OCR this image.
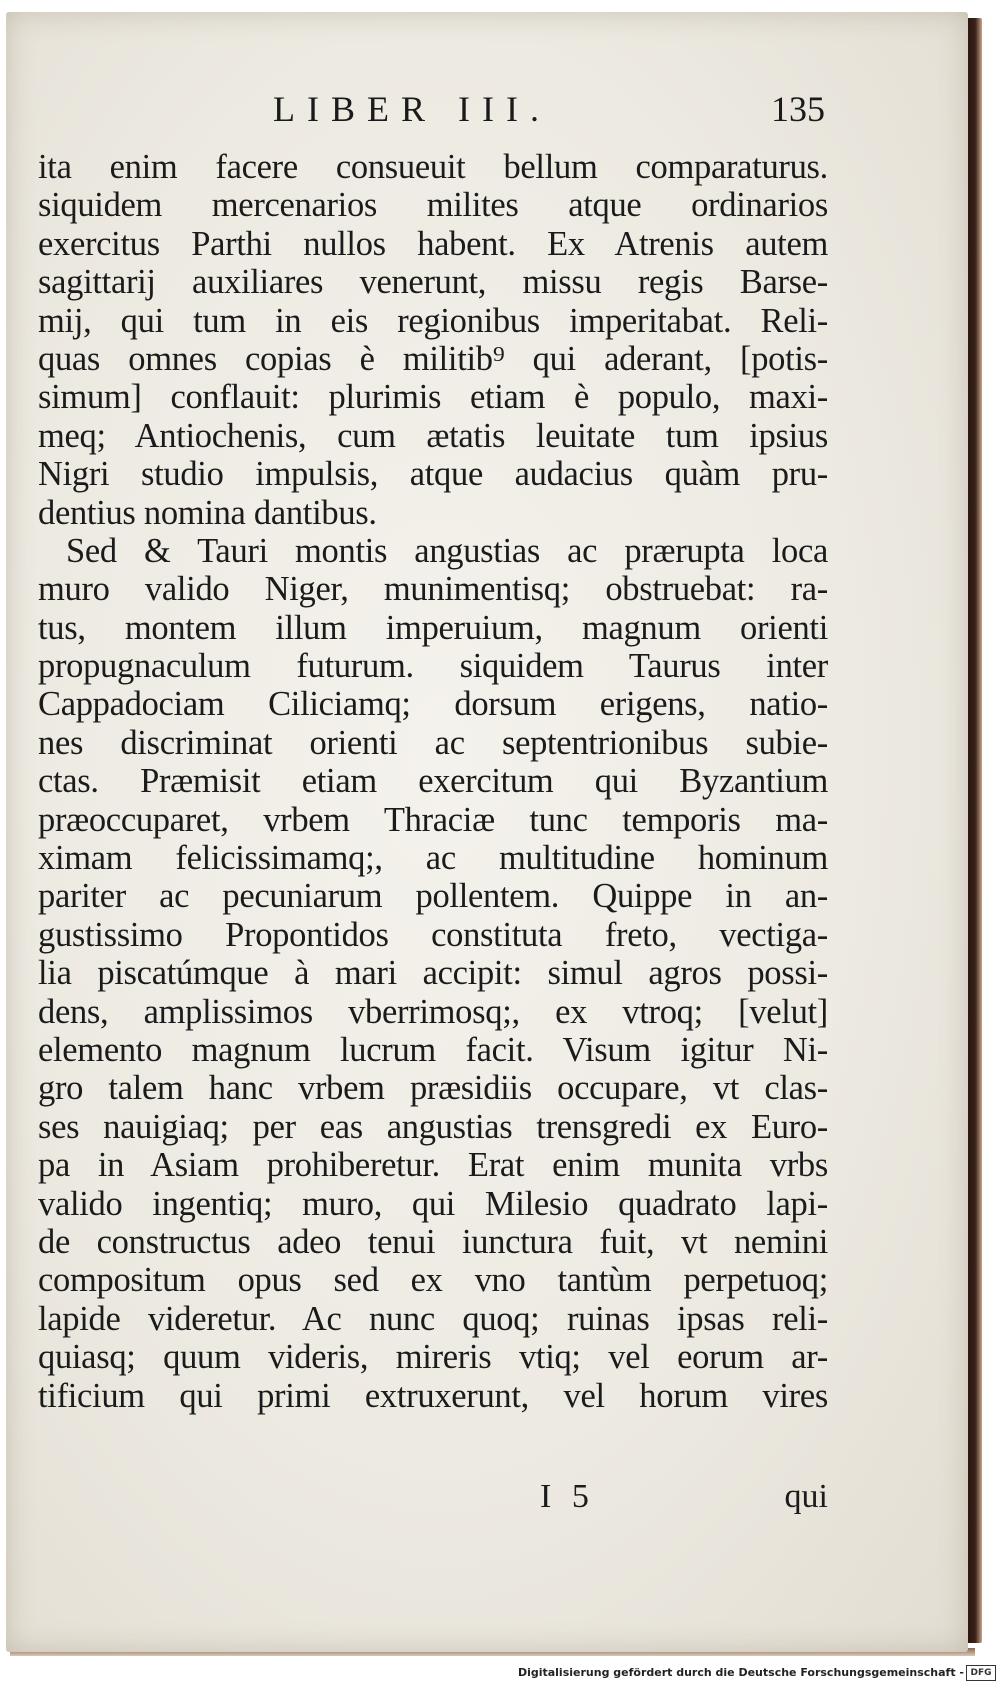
LIBER III.	135
ita enim facere consueuit bellum comparaturus.
siquidem mercenarios milites atque ordinarios
exercitus Parthi nullos habent. Ex Atrenis autem
sagittarij auxiliares venerunt, missu regis Barse-
mij, qui tum in eis regionibus imperitabat. Reli-
quas omnes copias è militib⁹ qui aderant, [potis-
simum] conflauit: plurimis etiam è populo, maxi-
meq; Antiochenis, cum ætatis leuitate tum ipsius
Nigri studio impulsis, atque audacius quàm pru-
dentius nomina dantibus.
Sed & Tauri montis angustias ac prærupta loca
muro valido Niger, munimentisq; obstruebat: ra-
tus, montem illum imperuium, magnum orienti
propugnaculum futurum. siquidem Taurus inter
Cappadociam Ciliciamq; dorsum erigens, natio-
nes discriminat orienti ac septentrionibus subie-
ctas. Præmisit etiam exercitum qui Byzantium
præoccuparet, vrbem Thraciæ tunc temporis ma-
ximam felicissimamq;, ac multitudine hominum
pariter ac pecuniarum pollentem. Quippe in an-
gustissimo Propontidos constituta freto, vectiga-
lia piscatúmque à mari accipit: simul agros possi-
dens, amplissimos vberrimosq;, ex vtroq; [velut]
elemento magnum lucrum facit. Visum igitur Ni-
gro talem hanc vrbem præsidiis occupare, vt clas-
ses nauigiaq; per eas angustias trensgredi ex Euro-
pa in Asiam prohiberetur. Erat enim munita vrbs
valido ingentiq; muro, qui Milesio quadrato lapi-
de constructus adeo tenui iunctura fuit, vt nemini
compositum opus sed ex vno tantùm perpetuoq;
lapide videretur. Ac nunc quoq; ruinas ipsas reli-
quiasq; quum videris, mireris vtiq; vel eorum ar-
tificium qui primi extruxerunt, vel horum vires
I 5	qui
Digitalisierung gefördert durch die Deutsche Forschungsgemeinschaft - DFG
